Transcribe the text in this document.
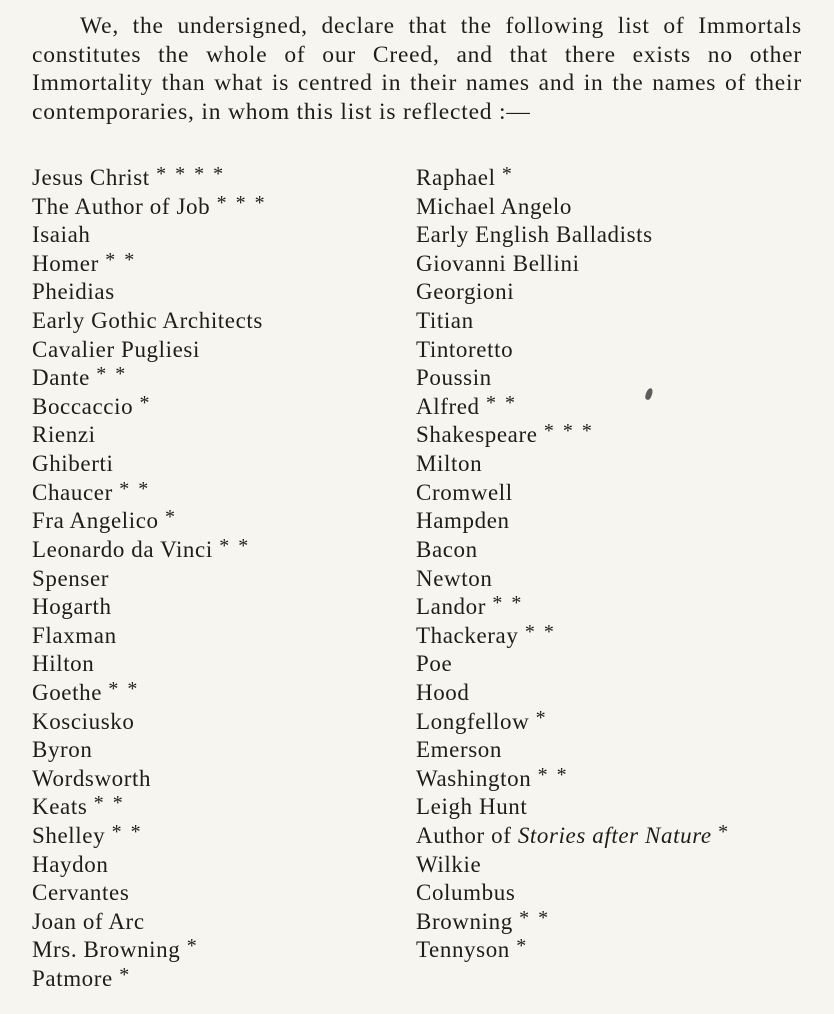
We, the undersigned, declare that the following list of Immortals constitutes the whole of our Creed, and that there exists no other Immortality than what is centred in their names and in the names of their contemporaries, in whom this list is reflected :—

Jesus Christ * * * *
The Author of Job * * *
Isaiah
Homer * *
Pheidias
Early Gothic Architects
Cavalier Pugliesi
Dante * *
Boccaccio *
Rienzi
Ghiberti
Chaucer * *
Fra Angelico *
Leonardo da Vinci * *
Spenser
Hogarth
Flaxman
Hilton
Goethe * *
Kosciusko
Byron
Wordsworth
Keats * *
Shelley * *
Haydon
Cervantes
Joan of Arc
Mrs. Browning *
Patmore *
Raphael *
Michael Angelo
Early English Balladists
Giovanni Bellini
Georgioni
Titian
Tintoretto
Poussin
Alfred * *
Shakespeare * * *
Milton
Cromwell
Hampden
Bacon
Newton
Landor * *
Thackeray * *
Poe
Hood
Longfellow *
Emerson
Washington * *
Leigh Hunt
Author of Stories after Nature *
Wilkie
Columbus
Browning * *
Tennyson *
